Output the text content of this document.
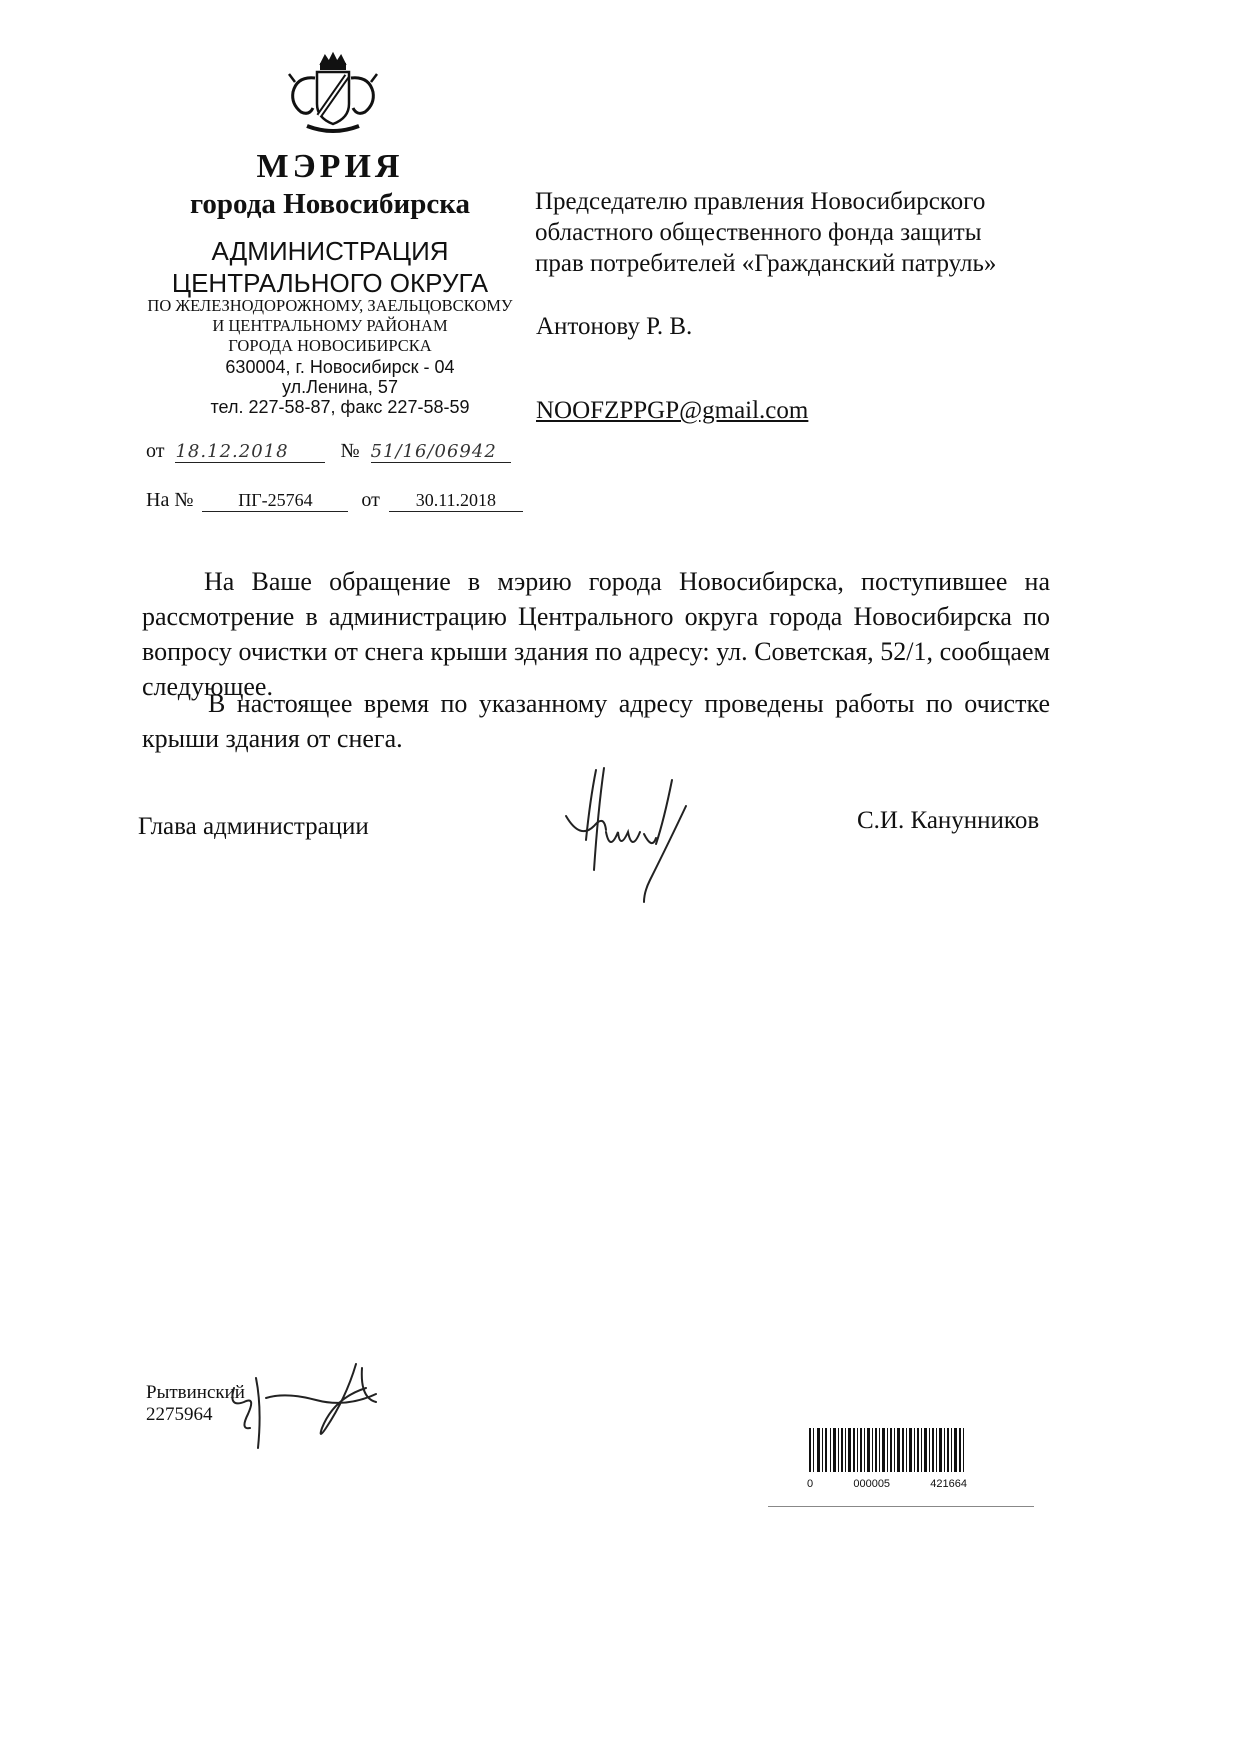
МЭРИЯ
города Новосибирска
АДМИНИСТРАЦИЯ
ЦЕНТРАЛЬНОГО ОКРУГА
ПО ЖЕЛЕЗНОДОРОЖНОМУ, ЗАЕЛЬЦОВСКОМУ
И ЦЕНТРАЛЬНОМУ РАЙОНАМ
ГОРОДА НОВОСИБИРСКА
630004, г. Новосибирск - 04
ул.Ленина, 57
тел. 227-58-87, факс 227-58-59
от 18.12.2018	№ 51/16/06942
На № ПГ-25764 от 30.11.2018
Председателю правления Новосибирского
областного общественного фонда защиты
прав потребителей «Гражданский патруль»
Антонову Р. В.
NOOFZPPGP@gmail.com
На Ваше обращение в мэрию города Новосибирска, поступившее на рассмотрение в администрацию Центрального округа города Новосибирска по вопросу очистки от снега крыши здания по адресу: ул. Советская, 52/1, сообщаем следующее.
В настоящее время по указанному адресу проведены работы по очистке крыши здания от снега.
Глава администрации	С.И. Канунников
Рытвинский
2275964
0	000005	421664
